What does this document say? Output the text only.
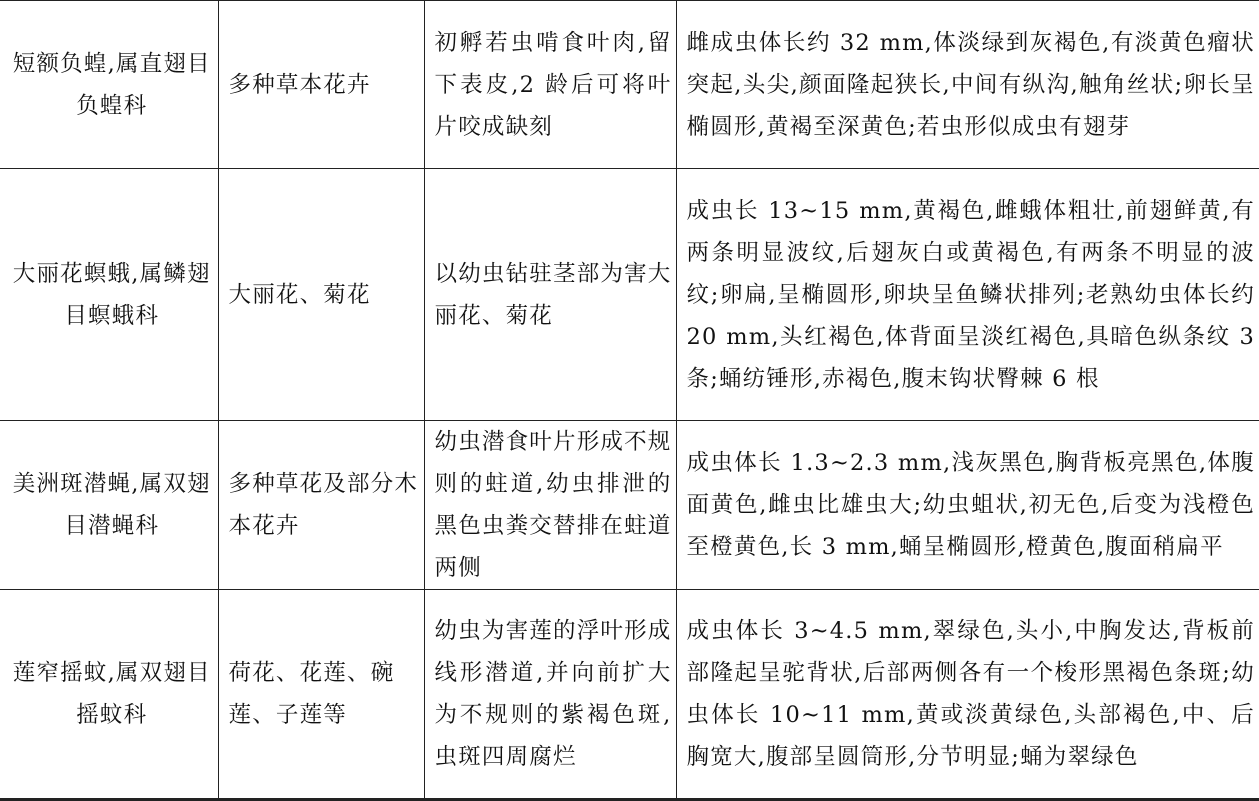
短额负蝗,属直翅目负蝗科	多种草本花卉	初孵若虫啃食叶肉,留下表皮,2 龄后可将叶片咬成缺刻	雌成虫体长约 32 mm,体淡绿到灰褐色,有淡黄色瘤状突起,头尖,颜面隆起狭长,中间有纵沟,触角丝状;卵长呈椭圆形,黄褐至深黄色;若虫形似成虫有翅芽
大丽花螟蛾,属鳞翅目螟蛾科	大丽花、菊花	以幼虫钻驻茎部为害大丽花、菊花	成虫长 13~15 mm,黄褐色,雌蛾体粗壮,前翅鲜黄,有两条明显波纹,后翅灰白或黄褐色,有两条不明显的波纹;卵扁,呈椭圆形,卵块呈鱼鳞状排列;老熟幼虫体长约 20 mm,头红褐色,体背面呈淡红褐色,具暗色纵条纹 3 条;蛹纺锤形,赤褐色,腹末钩状臀棘 6 根
美洲斑潜蝇,属双翅目潜蝇科	多种草花及部分木本花卉	幼虫潜食叶片形成不规则的蛀道,幼虫排泄的黑色虫粪交替排在蛀道两侧	成虫体长 1.3~2.3 mm,浅灰黑色,胸背板亮黑色,体腹面黄色,雌虫比雄虫大;幼虫蛆状,初无色,后变为浅橙色至橙黄色,长 3 mm,蛹呈椭圆形,橙黄色,腹面稍扁平
莲窄摇蚊,属双翅目摇蚊科	荷花、花莲、碗莲、子莲等	幼虫为害莲的浮叶形成线形潜道,并向前扩大为不规则的紫褐色斑,虫斑四周腐烂	成虫体长 3~4.5 mm,翠绿色,头小,中胸发达,背板前部隆起呈驼背状,后部两侧各有一个梭形黑褐色条斑;幼虫体长 10~11 mm,黄或淡黄绿色,头部褐色,中、后胸宽大,腹部呈圆筒形,分节明显;蛹为翠绿色
